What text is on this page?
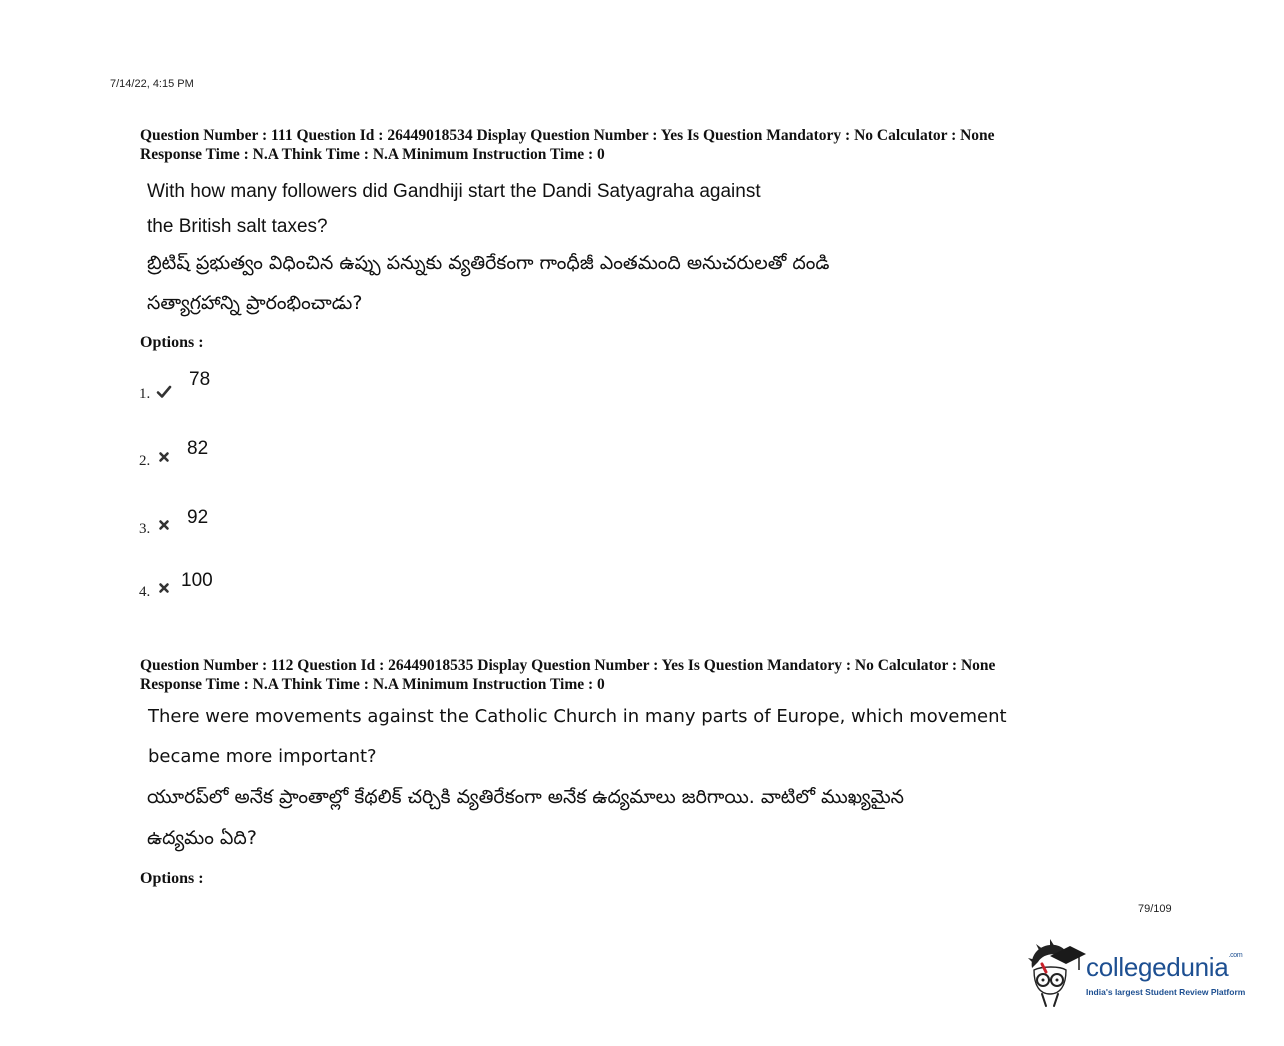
7/14/22, 4:15 PM
Question Number : 111 Question Id : 26449018534 Display Question Number : Yes Is Question Mandatory : No Calculator : None
Response Time : N.A Think Time : N.A Minimum Instruction Time : 0
With how many followers did Gandhiji start the Dandi Satyagraha against
the British salt taxes?
బ్రిటిష్ ప్రభుత్వం విధించిన ఉప్పు పన్నుకు వ్యతిరేకంగా గాంధీజీ ఎంతమంది అనుచరులతో దండి
సత్యాగ్రహాన్ని ప్రారంభించాడు?
Options :
1.
78
2.
82
3.
92
4.
100
Question Number : 112 Question Id : 26449018535 Display Question Number : Yes Is Question Mandatory : No Calculator : None
Response Time : N.A Think Time : N.A Minimum Instruction Time : 0
There were movements against the Catholic Church in many parts of Europe, which movement
became more important?
యూరప్‌లో అనేక ప్రాంతాల్లో కేథలిక్ చర్చికి వ్యతిరేకంగా అనేక ఉద్యమాలు జరిగాయి. వాటిలో ముఖ్యమైన
ఉద్యమం ఏది?
Options :
79/109
collegedunia$^{.com}$
India's largest Student Review Platform
